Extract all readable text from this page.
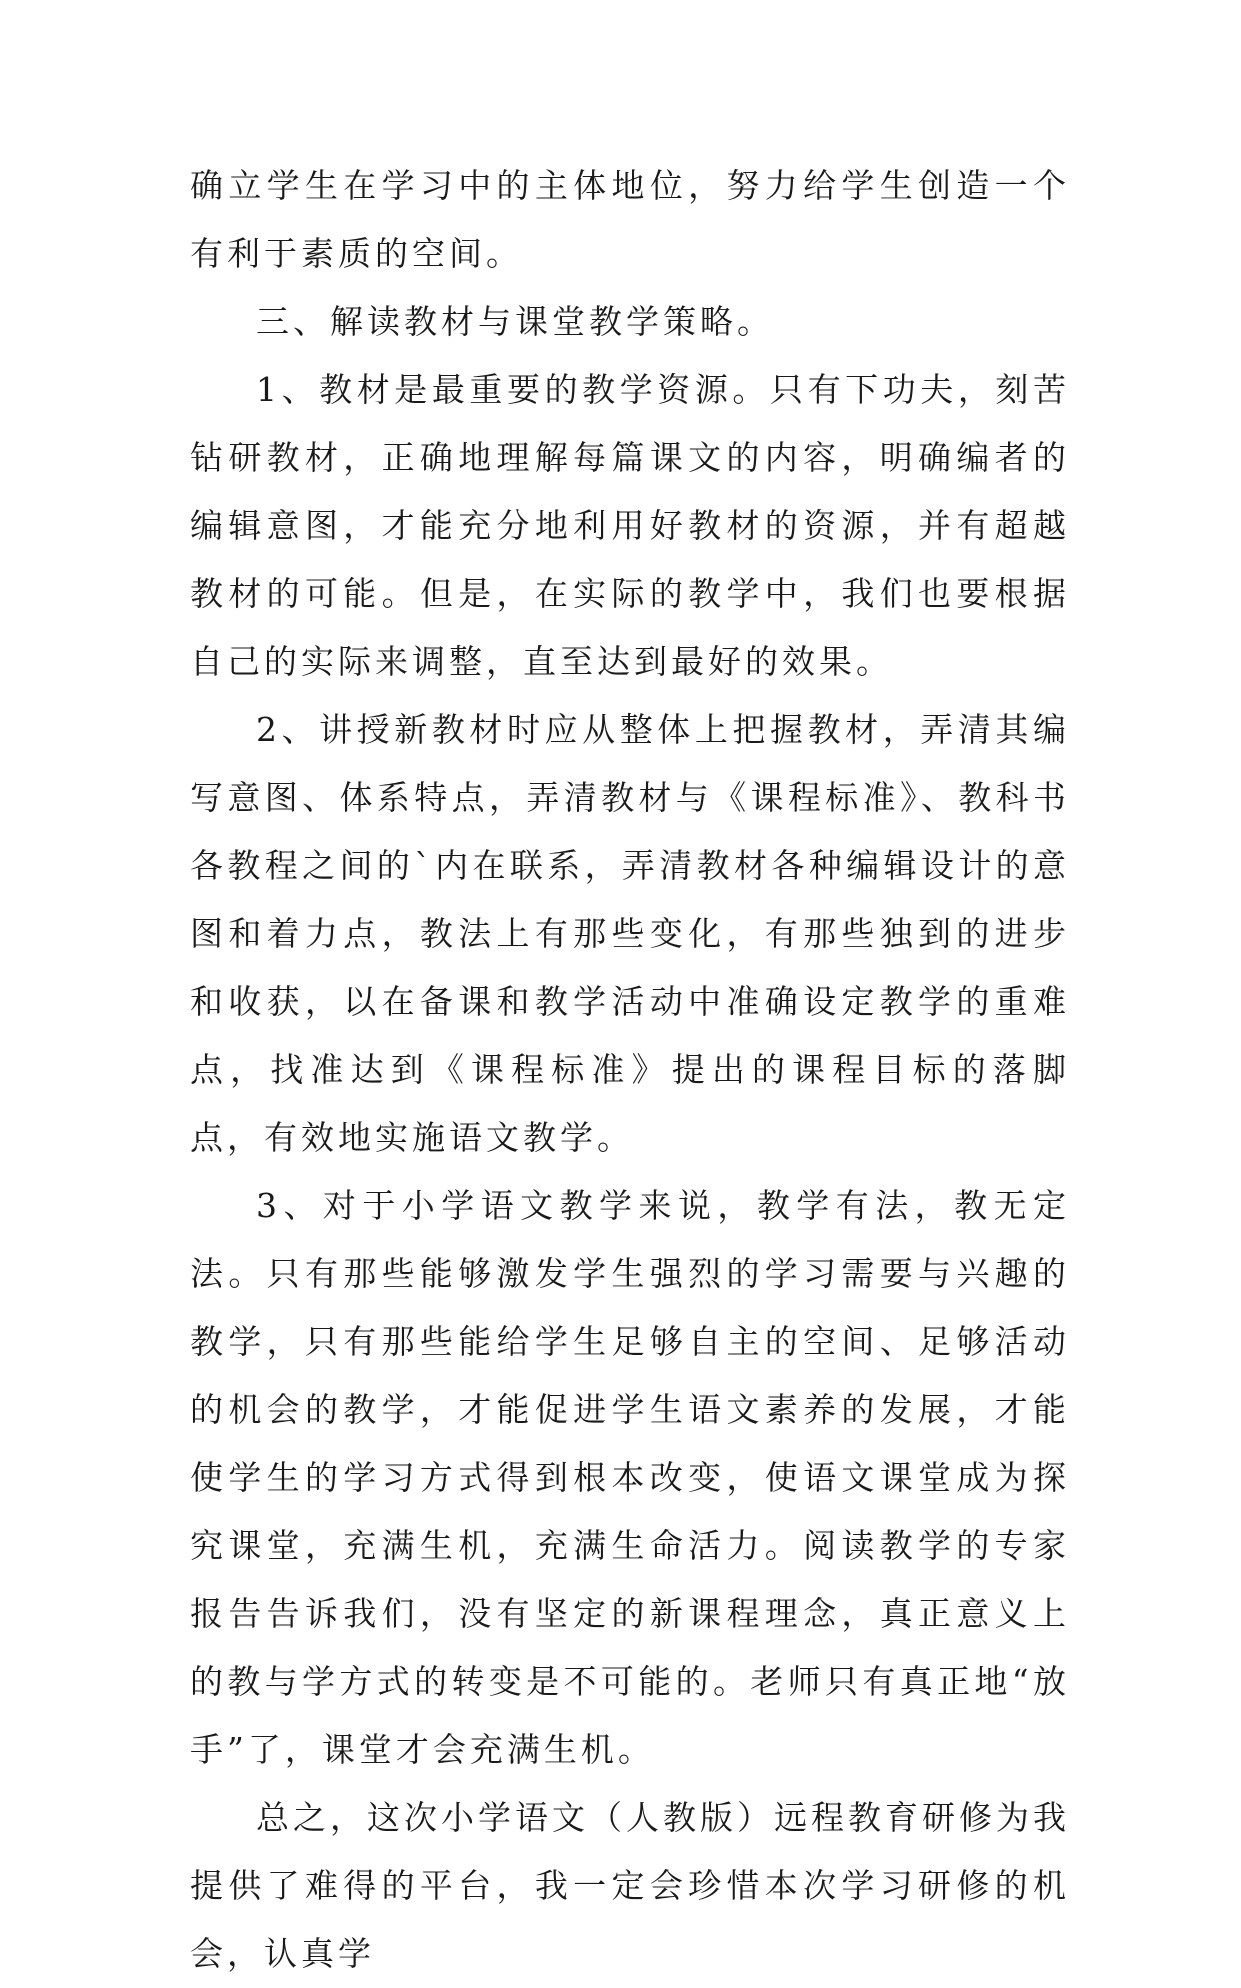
确立学生在学习中的主体地位，努力给学生创造一个有利于素质的空间。

三、解读教材与课堂教学策略。

1、教材是最重要的教学资源。只有下功夫，刻苦钻研教材，正确地理解每篇课文的内容，明确编者的编辑意图，才能充分地利用好教材的资源，并有超越教材的可能。但是，在实际的教学中，我们也要根据自己的实际来调整，直至达到最好的效果。

2、讲授新教材时应从整体上把握教材，弄清其编写意图、体系特点，弄清教材与《课程标准》、教科书各教程之间的`内在联系，弄清教材各种编辑设计的意图和着力点，教法上有那些变化，有那些独到的进步和收获，以在备课和教学活动中准确设定教学的重难点，找准达到《课程标准》提出的课程目标的落脚点，有效地实施语文教学。

3、对于小学语文教学来说，教学有法，教无定法。只有那些能够激发学生强烈的学习需要与兴趣的教学，只有那些能给学生足够自主的空间、足够活动的机会的教学，才能促进学生语文素养的发展，才能使学生的学习方式得到根本改变，使语文课堂成为探究课堂，充满生机，充满生命活力。阅读教学的专家报告告诉我们，没有坚定的新课程理念，真正意义上的教与学方式的转变是不可能的。老师只有真正地“放手”了，课堂才会充满生机。

总之，这次小学语文（人教版）远程教育研修为我提供了难得的平台，我一定会珍惜本次学习研修的机会，认真学
